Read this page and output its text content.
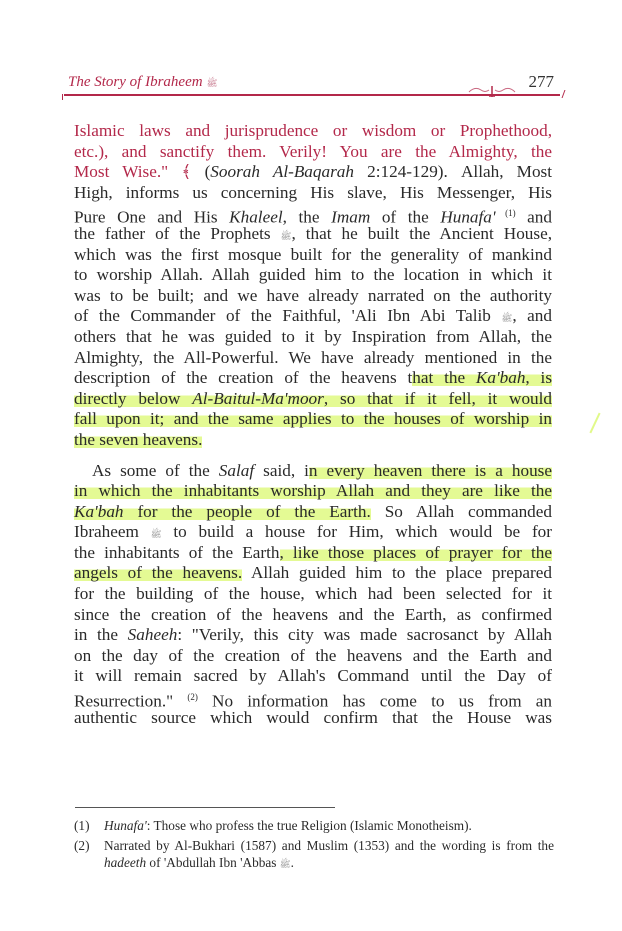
The Story of Ibraheem ﷺ	277
Islamic laws and jurisprudence or wisdom or Prophethood,
etc.), and sanctify them. Verily! You are the Almighty, the
Most Wise." ﴾ (Soorah Al-Baqarah 2:124-129). Allah, Most
High, informs us concerning His slave, His Messenger, His
Pure One and His Khaleel, the Imam of the Hunafa' $^{(1)}$ and
the father of the Prophets ﷺ, that he built the Ancient House,
which was the first mosque built for the generality of mankind
to worship Allah. Allah guided him to the location in which it
was to be built; and we have already narrated on the authority
of the Commander of the Faithful, 'Ali Ibn Abi Talib ﷺ, and
others that he was guided to it by Inspiration from Allah, the
Almighty, the All-Powerful. We have already mentioned in the
description of the creation of the heavens that the Ka'bah, is
directly below Al-Baitul-Ma'moor, so that if it fell, it would
fall upon it; and the same applies to the houses of worship in
the seven heavens.
As some of the Salaf said, in every heaven there is a house
in which the inhabitants worship Allah and they are like the
Ka'bah for the people of the Earth. So Allah commanded
Ibraheem ﷺ to build a house for Him, which would be for
the inhabitants of the Earth, like those places of prayer for the
angels of the heavens. Allah guided him to the place prepared
for the building of the house, which had been selected for it
since the creation of the heavens and the Earth, as confirmed
in the Saheeh: "Verily, this city was made sacrosanct by Allah
on the day of the creation of the heavens and the Earth and
it will remain sacred by Allah's Command until the Day of
Resurrection." $^{(2)}$ No information has come to us from an
authentic source which would confirm that the House was
(1)	Hunafa': Those who profess the true Religion (Islamic Monotheism).
(2)	Narrated by Al-Bukhari (1587) and Muslim (1353) and the wording is from the hadeeth of 'Abdullah Ibn 'Abbas ﷺ.
